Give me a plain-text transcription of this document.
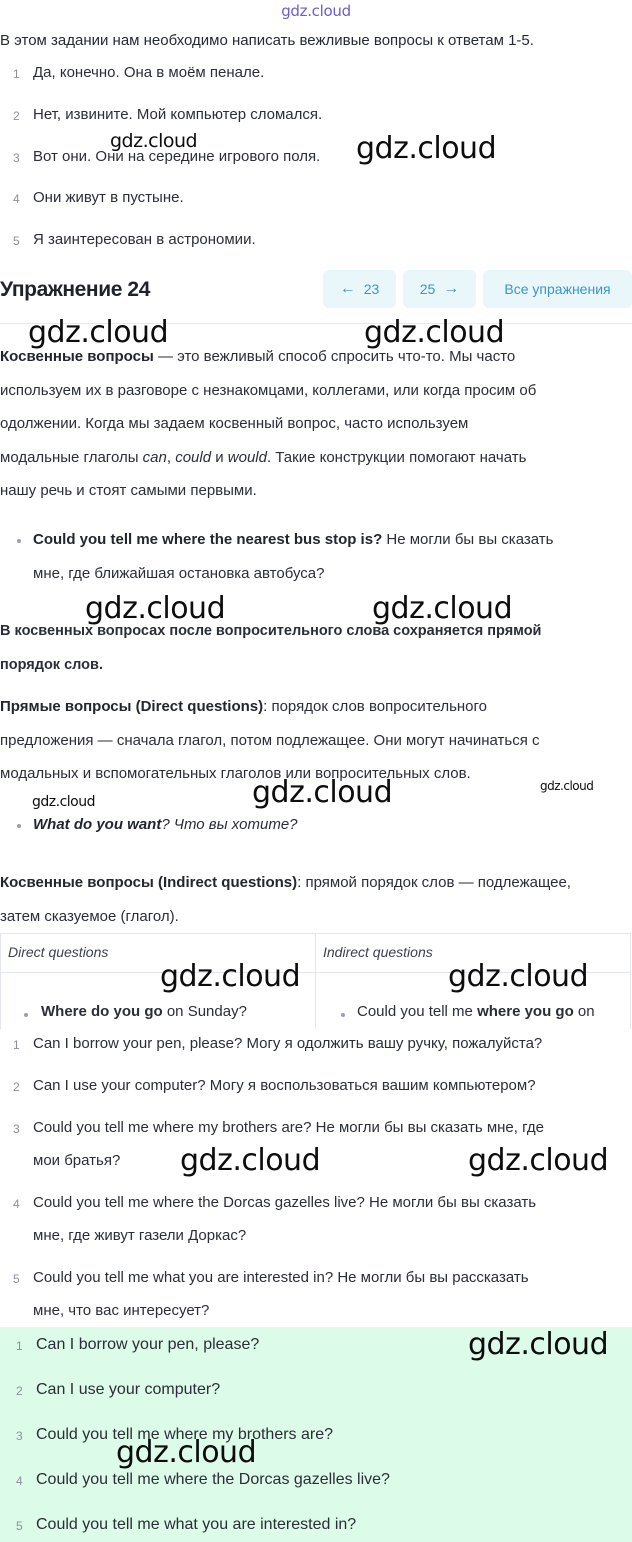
gdz.cloud
В этом задании нам необходимо написать вежливые вопросы к ответам 1-5.
1 Да, конечно. Она в моём пенале.
2 Нет, извините. Мой компьютер сломался.
3 Вот они. Они на середине игрового поля.
4 Они живут в пустыне.
5 Я заинтересован в астрономии.
Упражнение 24	← 23	25 →	Все упражнения
Косвенные вопросы — это вежливый способ спросить что-то. Мы часто
используем их в разговоре с незнакомцами, коллегами, или когда просим об
одолжении. Когда мы задаем косвенный вопрос, часто используем
модальные глаголы can, could и would. Такие конструкции помогают начать
нашу речь и стоят самыми первыми.
Could you tell me where the nearest bus stop is? Не могли бы вы сказать
мне, где ближайшая остановка автобуса?
В косвенных вопросах после вопросительного слова сохраняется прямой
порядок слов.
Прямые вопросы (Direct questions): порядок слов вопросительного
предложения — сначала глагол, потом подлежащее. Они могут начинаться с
модальных и вспомогательных глаголов или вопросительных слов.
What do you want? Что вы хотите?
Косвенные вопросы (Indirect questions): прямой порядок слов — подлежащее,
затем сказуемое (глагол).
Direct questions	Indirect questions
Where do you go on Sunday?	Could you tell me where you go on
1 Can I borrow your pen, please? Могу я одолжить вашу ручку, пожалуйста?
2 Can I use your computer? Могу я воспользоваться вашим компьютером?
3 Could you tell me where my brothers are? Не могли бы вы сказать мне, где
мои братья?
4 Could you tell me where the Dorcas gazelles live? Не могли бы вы сказать
мне, где живут газели Доркас?
5 Could you tell me what you are interested in? Не могли бы вы рассказать
мне, что вас интересует?
1 Can I borrow your pen, please?
2 Can I use your computer?
3 Could you tell me where my brothers are?
4 Could you tell me where the Dorcas gazelles live?
5 Could you tell me what you are interested in?
gdz.cloud	gdz.cloud
gdz.cloud	gdz.cloud
gdz.cloud	gdz.cloud
gdz.cloud
gdz.cloud
gdz.cloud
gdz.cloud	gdz.cloud
gdz.cloud	gdz.cloud
gdz.cloud
gdz.cloud
